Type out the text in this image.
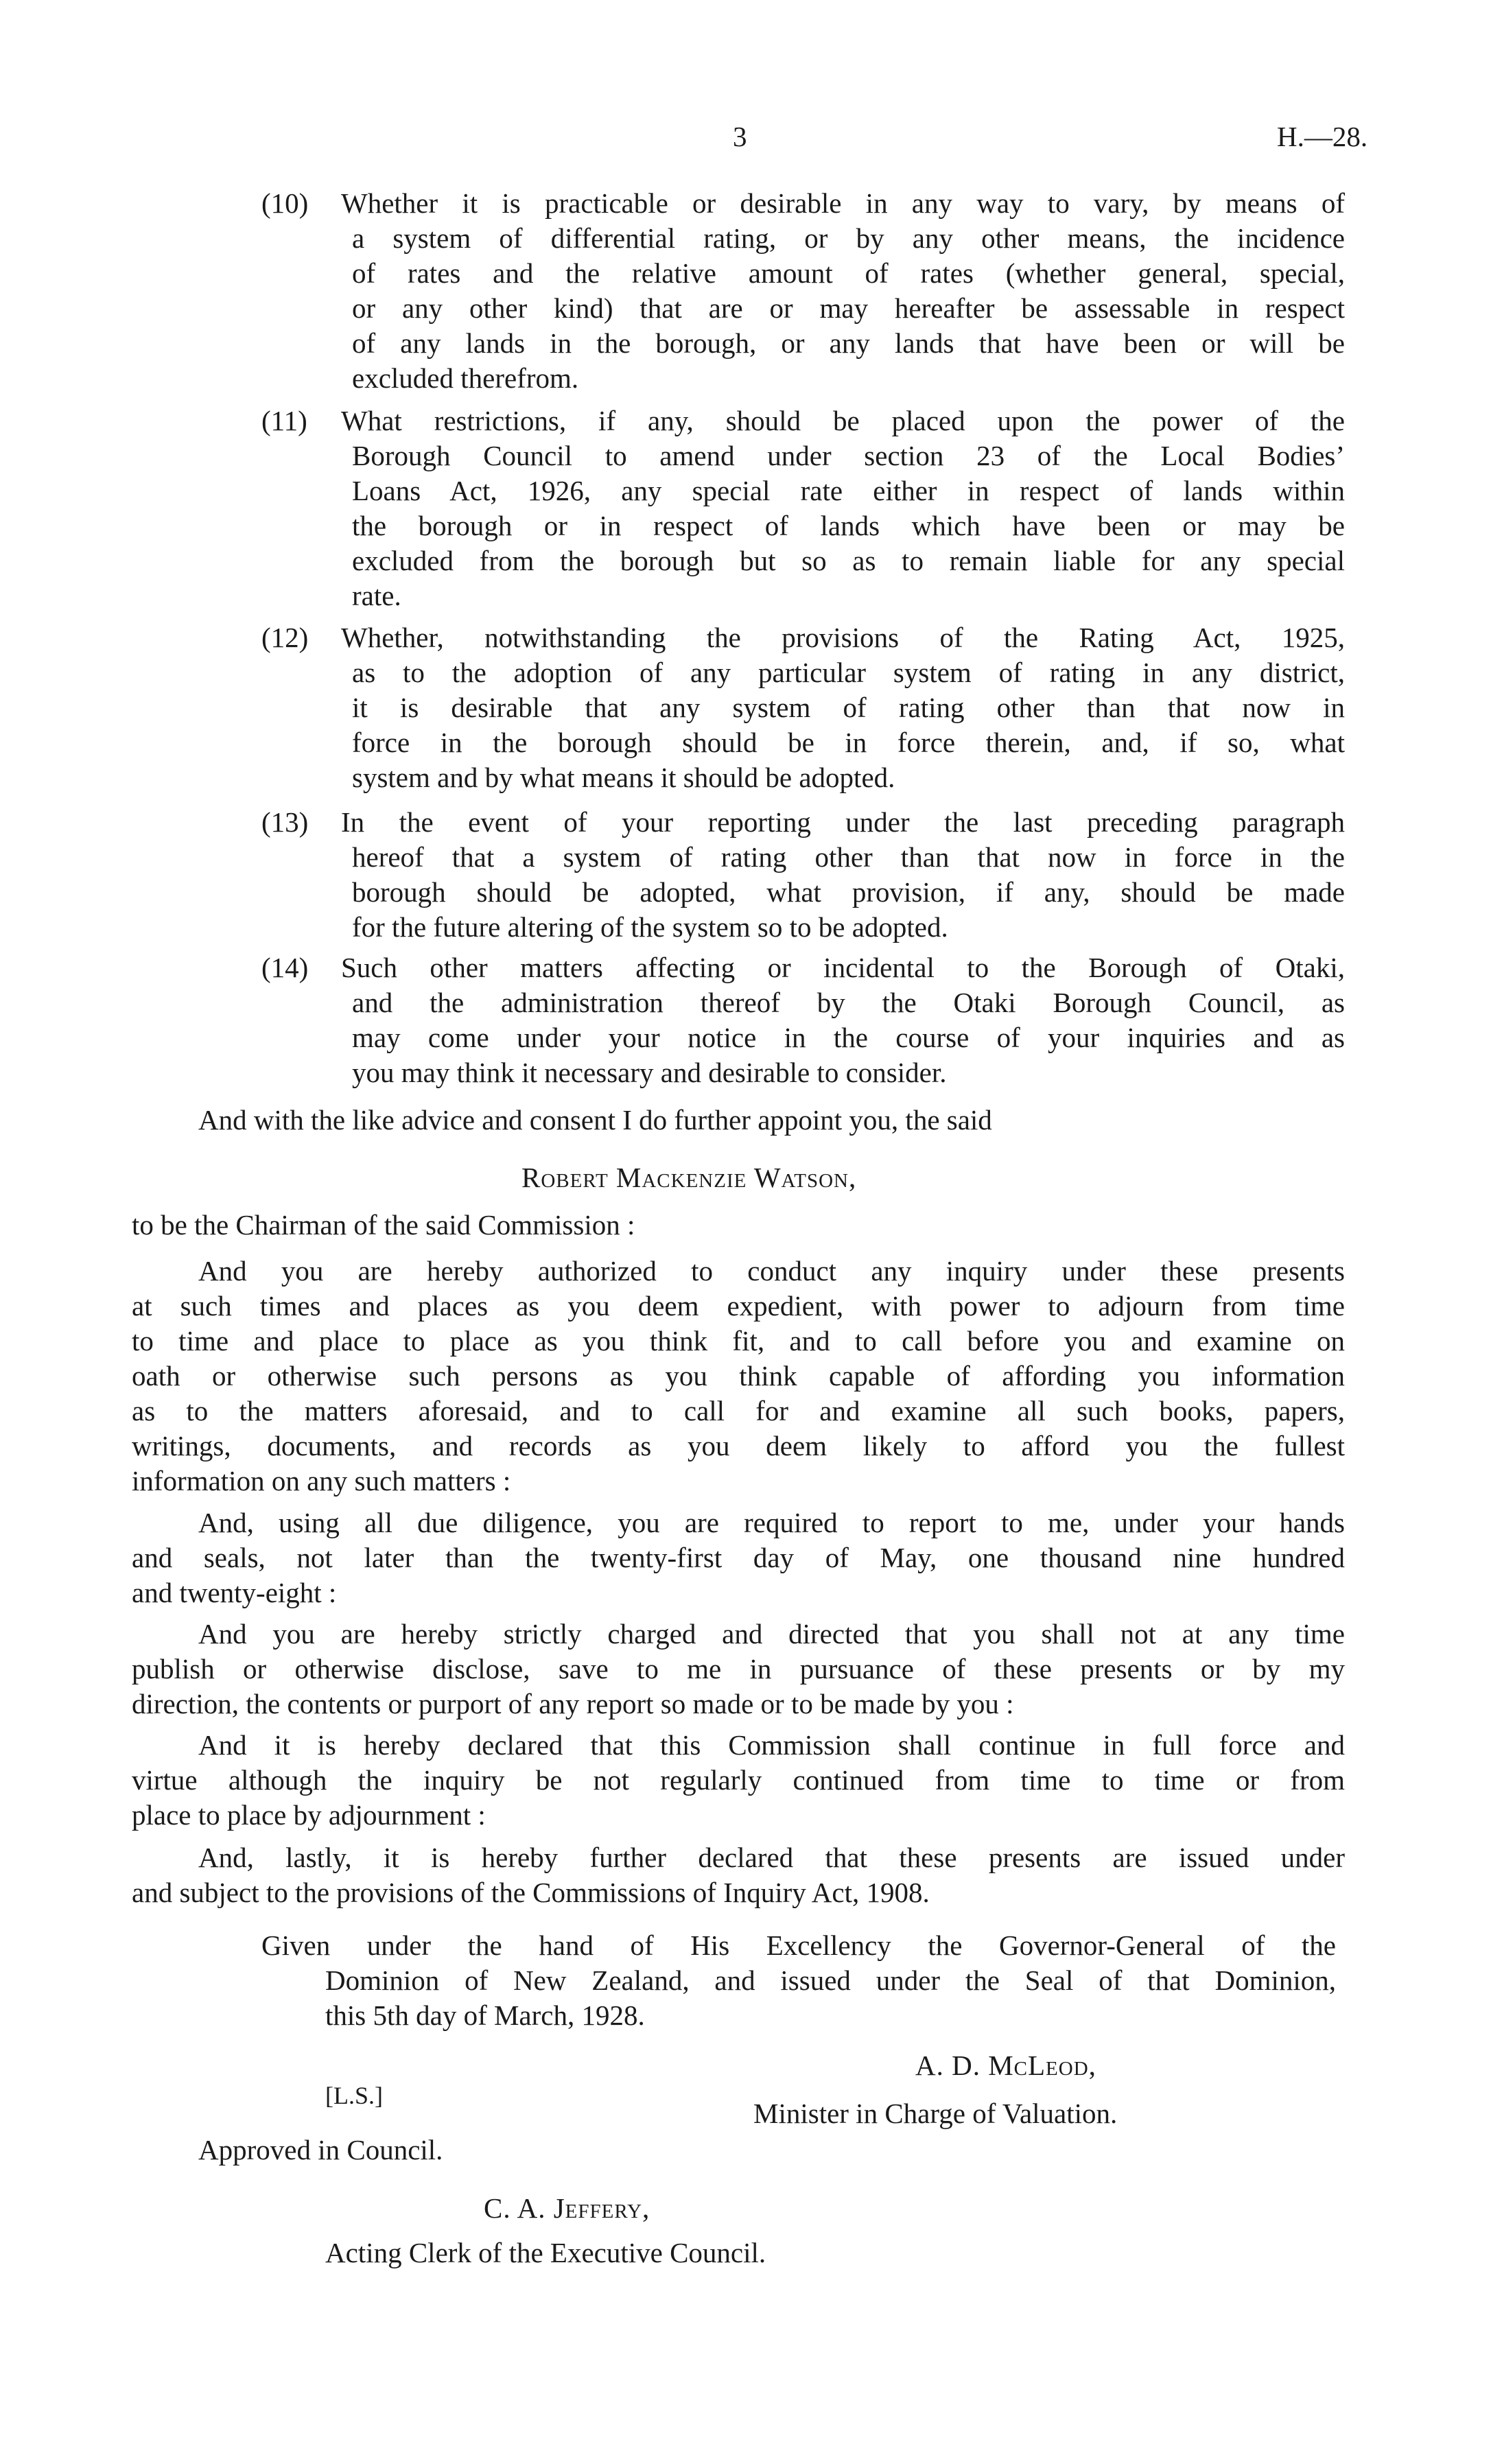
3	H.—28.
(10) Whether it is practicable or desirable in any way to vary, by means of
a system of differential rating, or by any other means, the incidence
of rates and the relative amount of rates (whether general, special,
or any other kind) that are or may hereafter be assessable in respect
of any lands in the borough, or any lands that have been or will be
excluded therefrom.
(11) What restrictions, if any, should be placed upon the power of the
Borough Council to amend under section 23 of the Local Bodies’
Loans Act, 1926, any special rate either in respect of lands within
the borough or in respect of lands which have been or may be
excluded from the borough but so as to remain liable for any special
rate.
(12) Whether, notwithstanding the provisions of the Rating Act, 1925,
as to the adoption of any particular system of rating in any district,
it is desirable that any system of rating other than that now in
force in the borough should be in force therein, and, if so, what
system and by what means it should be adopted.
(13) In the event of your reporting under the last preceding paragraph
hereof that a system of rating other than that now in force in the
borough should be adopted, what provision, if any, should be made
for the future altering of the system so to be adopted.
(14) Such other matters affecting or incidental to the Borough of Otaki,
and the administration thereof by the Otaki Borough Council, as
may come under your notice in the course of your inquiries and as
you may think it necessary and desirable to consider.
And with the like advice and consent I do further appoint you, the said
Robert Mackenzie Watson,
to be the Chairman of the said Commission :
And you are hereby authorized to conduct any inquiry under these presents
at such times and places as you deem expedient, with power to adjourn from time
to time and place to place as you think fit, and to call before you and examine on
oath or otherwise such persons as you think capable of affording you information
as to the matters aforesaid, and to call for and examine all such books, papers,
writings, documents, and records as you deem likely to afford you the fullest
information on any such matters :
And, using all due diligence, you are required to report to me, under your hands
and seals, not later than the twenty-first day of May, one thousand nine hundred
and twenty-eight :
And you are hereby strictly charged and directed that you shall not at any time
publish or otherwise disclose, save to me in pursuance of these presents or by my
direction, the contents or purport of any report so made or to be made by you :
And it is hereby declared that this Commission shall continue in full force and
virtue although the inquiry be not regularly continued from time to time or from
place to place by adjournment :
And, lastly, it is hereby further declared that these presents are issued under
and subject to the provisions of the Commissions of Inquiry Act, 1908.
Given under the hand of His Excellency the Governor-General of the
Dominion of New Zealand, and issued under the Seal of that Dominion,
this 5th day of March, 1928.
A. D. McLeod,
[L.S.]
Minister in Charge of Valuation.
Approved in Council.
C. A. Jeffery,
Acting Clerk of the Executive Council.
